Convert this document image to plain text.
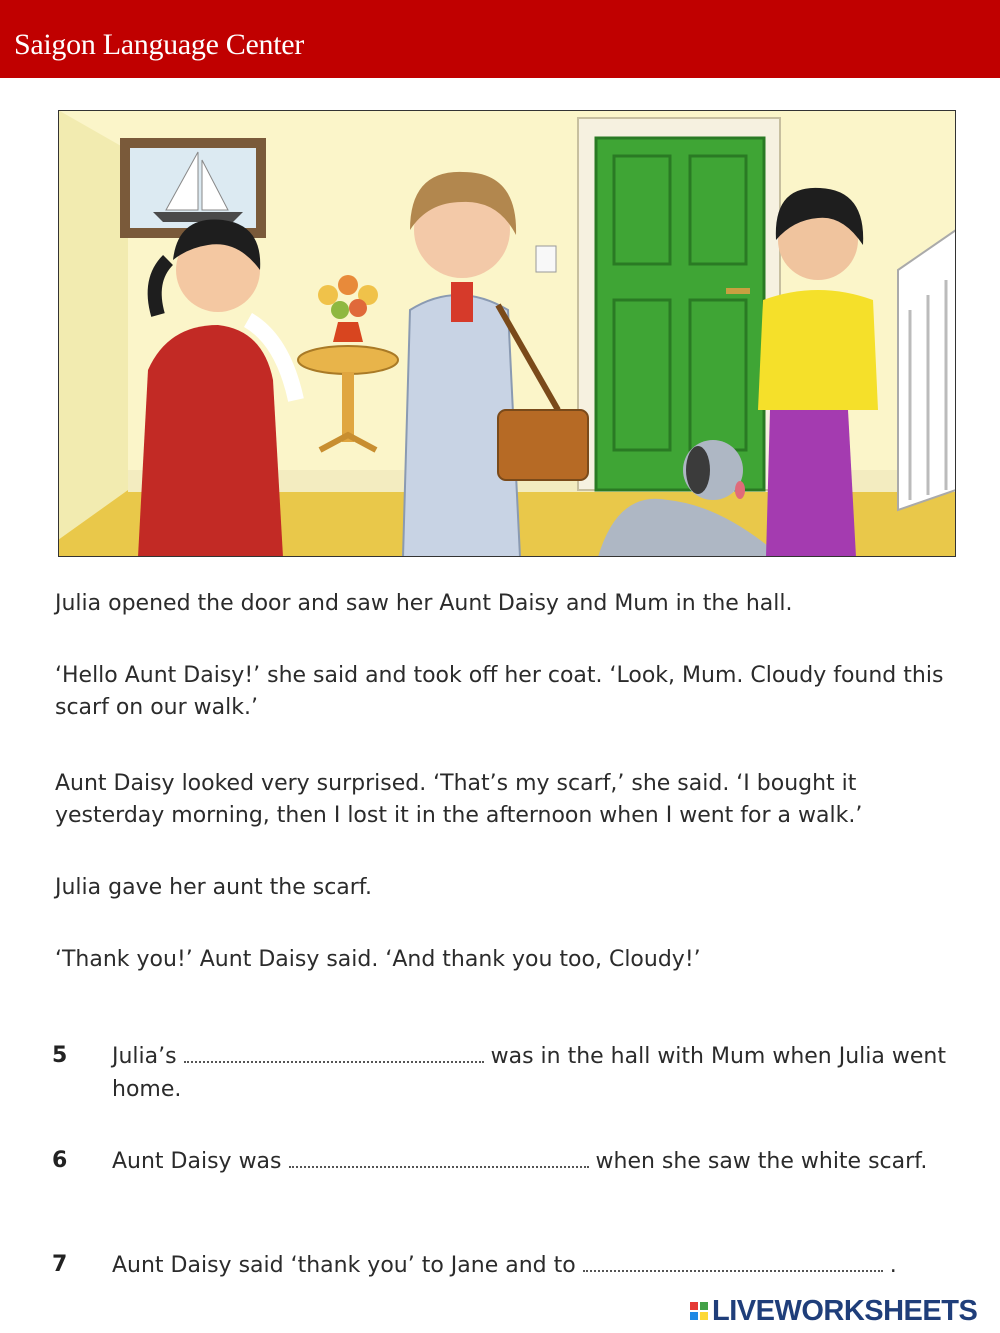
Saigon Language Center

Julia opened the door and saw her Aunt Daisy and Mum in the hall.

‘Hello Aunt Daisy!’ she said and took off her coat. ‘Look, Mum. Cloudy found this scarf on our walk.’

Aunt Daisy looked very surprised. ‘That’s my scarf,’ she said. ‘I bought it yesterday morning, then I lost it in the afternoon when I went for a walk.’

Julia gave her aunt the scarf.

‘Thank you!’ Aunt Daisy said. ‘And thank you too, Cloudy!’

5 Julia’s	was in the hall with Mum when Julia went home.
6 Aunt Daisy was	when she saw the white scarf.
7 Aunt Daisy said ‘thank you’ to Jane and to	.
LIVEWORKSHEETS
